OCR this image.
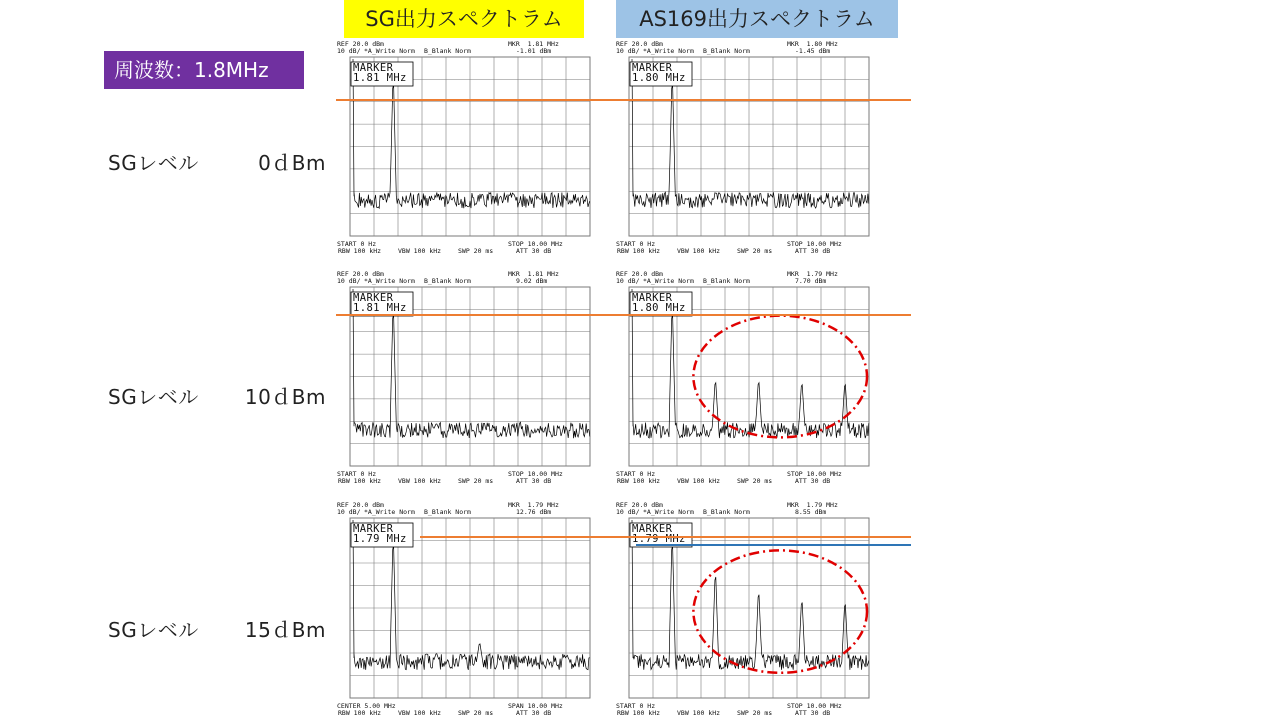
SG出力スペクトラム	AS169出力スペクトラム
周波数：1.8MHz
SGレベル	0ｄBm
SGレベル 10ｄBm
SGレベル 15ｄBm
REF 20.0 dBm
10 dB/ *A_Write Norm B_Blank Norm
MKR  1.81 MHz
-1.01 dBm
MARKER
1.81 MHz
START 0 Hz	STOP 10.00 MHz
RBW 100 kHz	VBW 100 kHz	SWP 20 ms	ATT 30 dB
REF 20.0 dBm
10 dB/ *A_Write Norm B_Blank Norm
MKR  1.80 MHz
-1.45 dBm
MARKER
1.80 MHz
START 0 Hz	STOP 10.00 MHz
RBW 100 kHz	VBW 100 kHz	SWP 20 ms	ATT 30 dB
REF 20.0 dBm
10 dB/ *A_Write Norm B_Blank Norm
MKR  1.81 MHz
9.02 dBm
MARKER
1.81 MHz
START 0 Hz	STOP 10.00 MHz
RBW 100 kHz	VBW 100 kHz	SWP 20 ms	ATT 30 dB
REF 20.0 dBm
10 dB/ *A_Write Norm B_Blank Norm
MKR  1.79 MHz
7.70 dBm
MARKER
1.80 MHz
START 0 Hz	STOP 10.00 MHz
RBW 100 kHz	VBW 100 kHz	SWP 20 ms	ATT 30 dB
REF 20.0 dBm
10 dB/ *A_Write Norm B_Blank Norm
MKR  1.79 MHz
12.76 dBm
MARKER
1.79 MHz
CENTER 5.00 MHz	SPAN 10.00 MHz
RBW 100 kHz	VBW 100 kHz	SWP 20 ms	ATT 30 dB
REF 20.0 dBm
10 dB/ *A_Write Norm B_Blank Norm
MKR  1.79 MHz
8.55 dBm
MARKER
1.79 MHz
START 0 Hz	STOP 10.00 MHz
RBW 100 kHz	VBW 100 kHz	SWP 20 ms	ATT 30 dB
